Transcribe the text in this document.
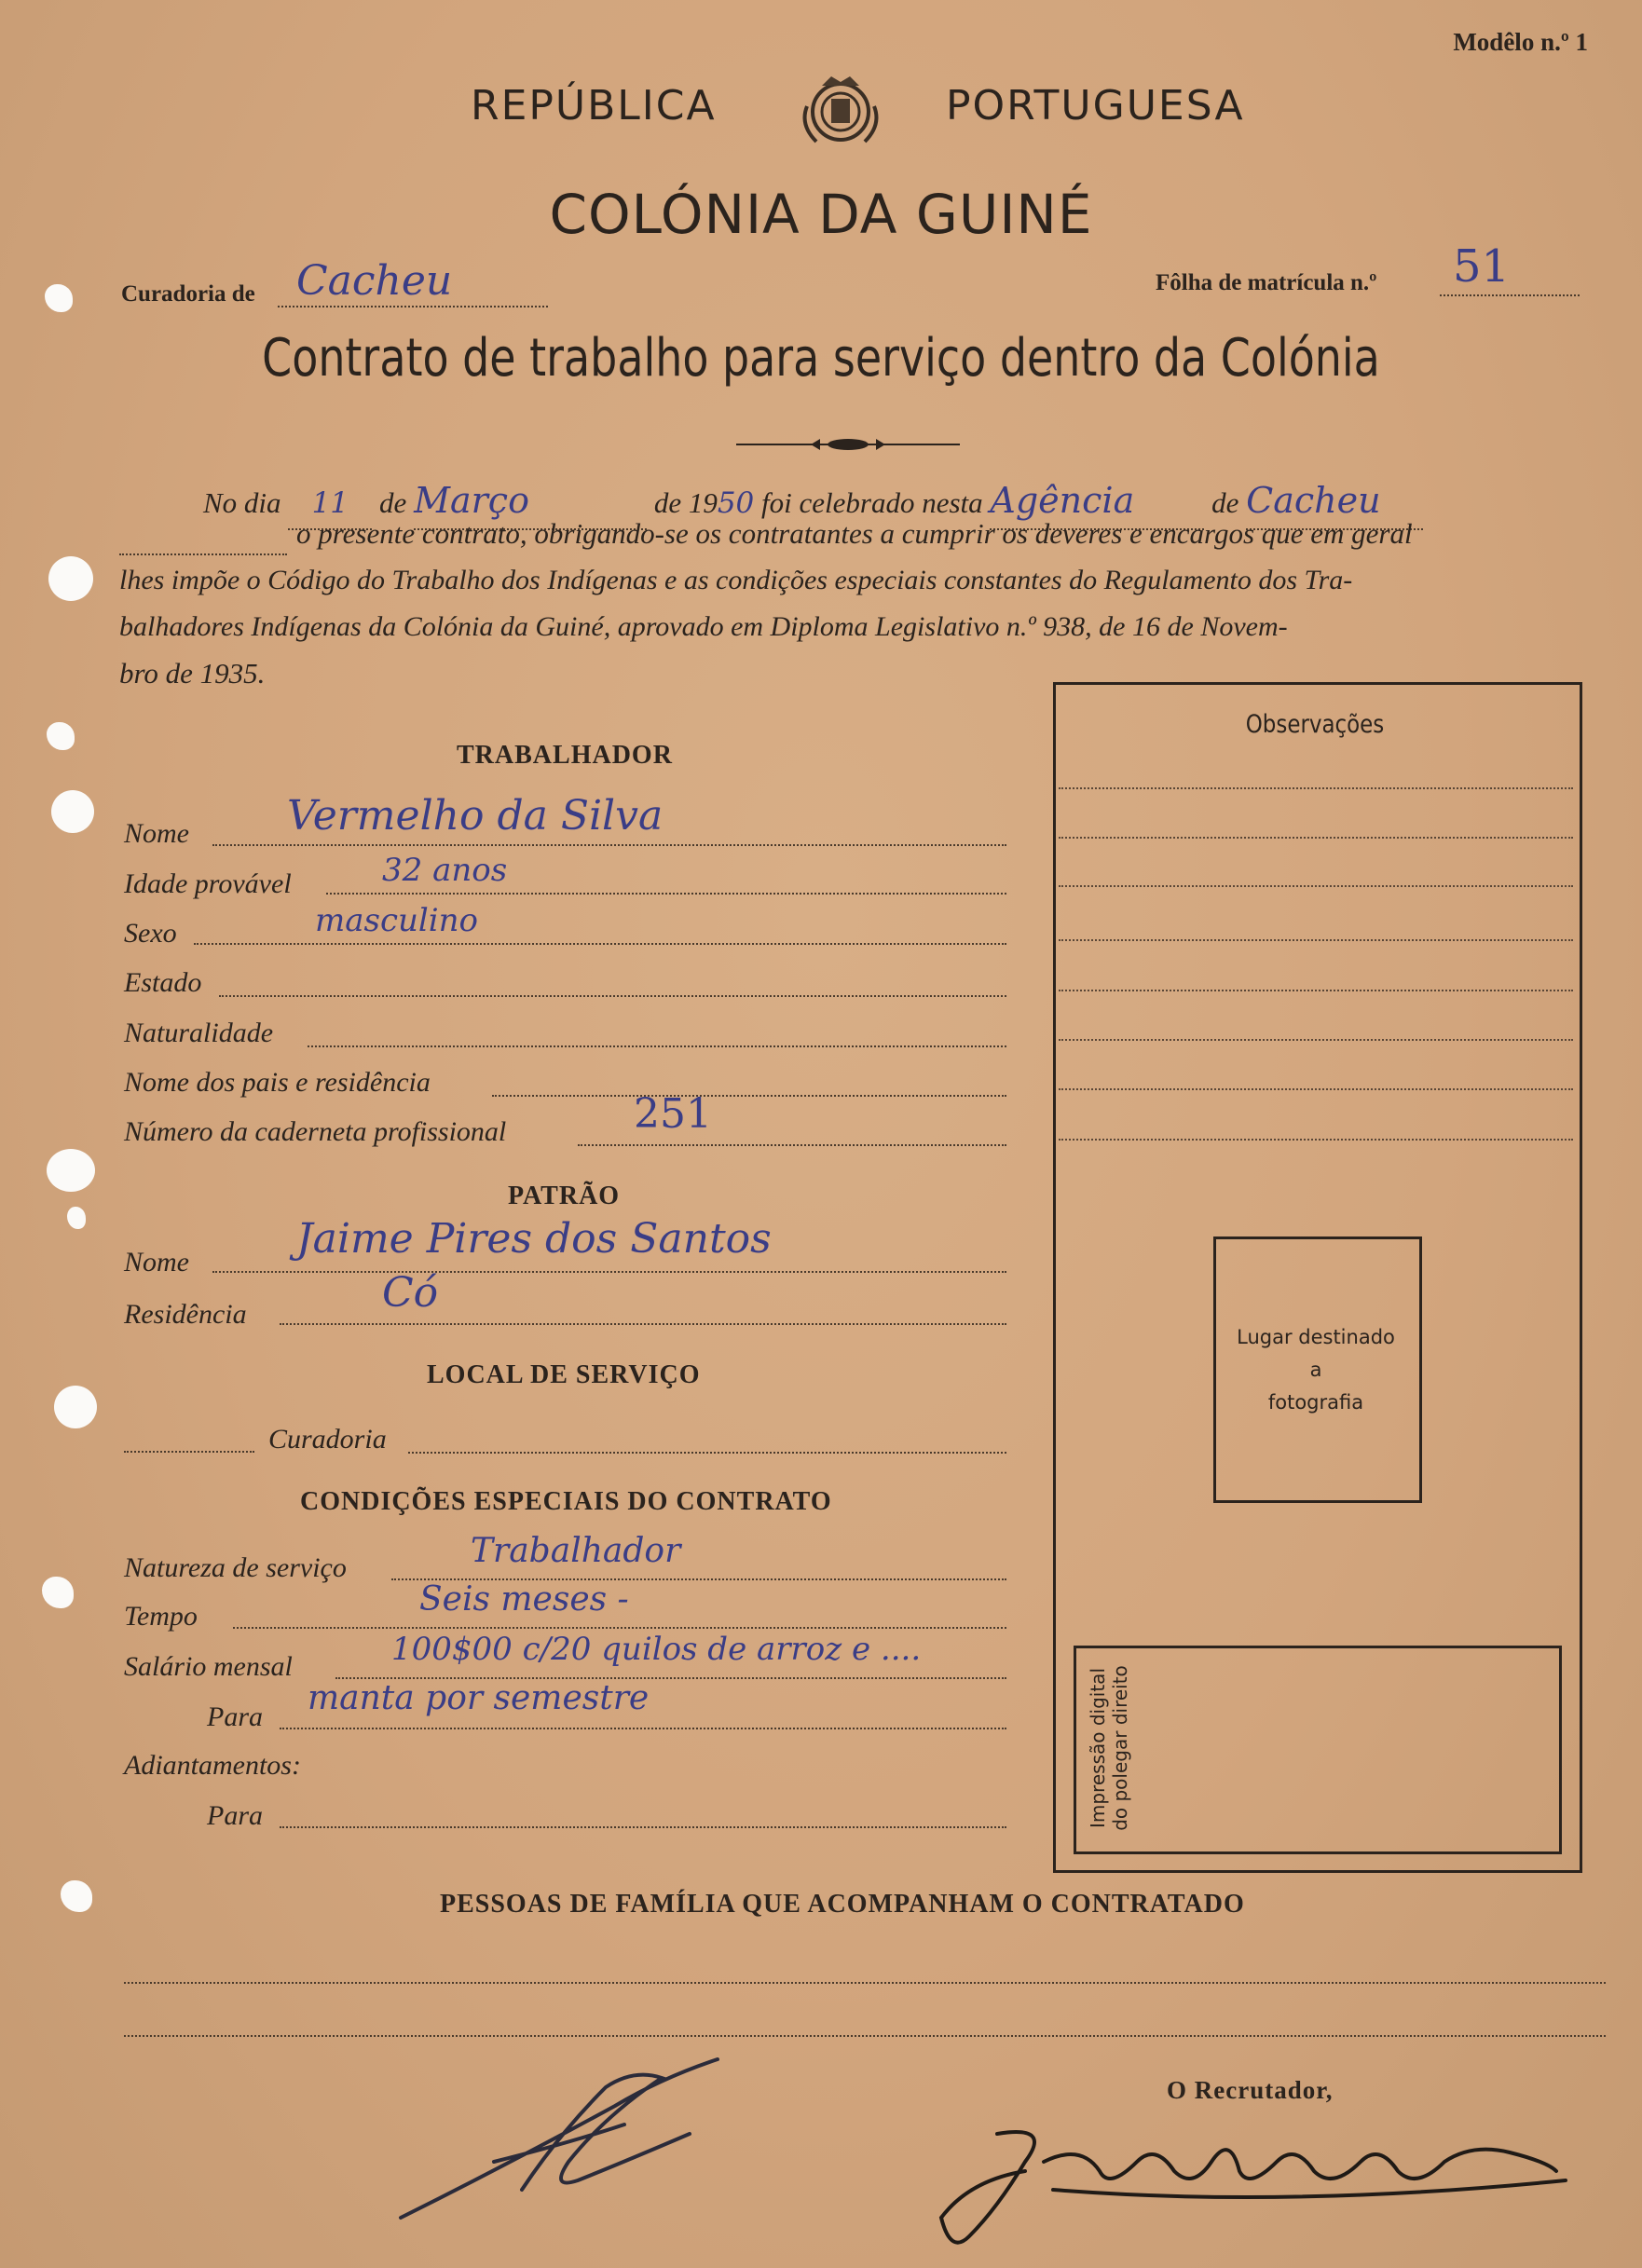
Modêlo n.º 1
REPÚBLICA	PORTUGUESA
COLÓNIA DA GUINÉ
Curadoria de Cacheu	Fôlha de matrícula n.º 51
Contrato de trabalho para serviço dentro da Colónia
No dia 11 de Março	de 1950 foi celebrado nesta Agência	de Cacheu
o presente contrato, obrigando-se os contratantes a cumprir os deveres e encargos que em geral
lhes impõe o Código do Trabalho dos Indígenas e as condições especiais constantes do Regulamento dos Tra-
balhadores Indígenas da Colónia da Guiné, aprovado em Diploma Legislativo n.º 938, de 16 de Novem-
bro de 1935.
TRABALHADOR
Nome Vermelho da Silva
Idade provável	32 anos
Sexo	masculino
Estado
Naturalidade
Nome dos pais e residência
Número da caderneta profissional	251
PATRÃO
Nome	Jaime Pires dos Santos
Residência	Có
LOCAL DE SERVIÇO
Curadoria
CONDIÇÕES ESPECIAIS DO CONTRATO
Natureza de serviço	Trabalhador
Tempo	Seis meses -
Salário mensal	100$00 c/20 quilos de arroz e ....
Para manta por semestre
Adiantamentos:
Para
Observações
Lugar destinado
a
fotografia
Impressão digital do polegar direito
PESSOAS DE FAMÍLIA QUE ACOMPANHAM O CONTRATADO
O Recrutador,
